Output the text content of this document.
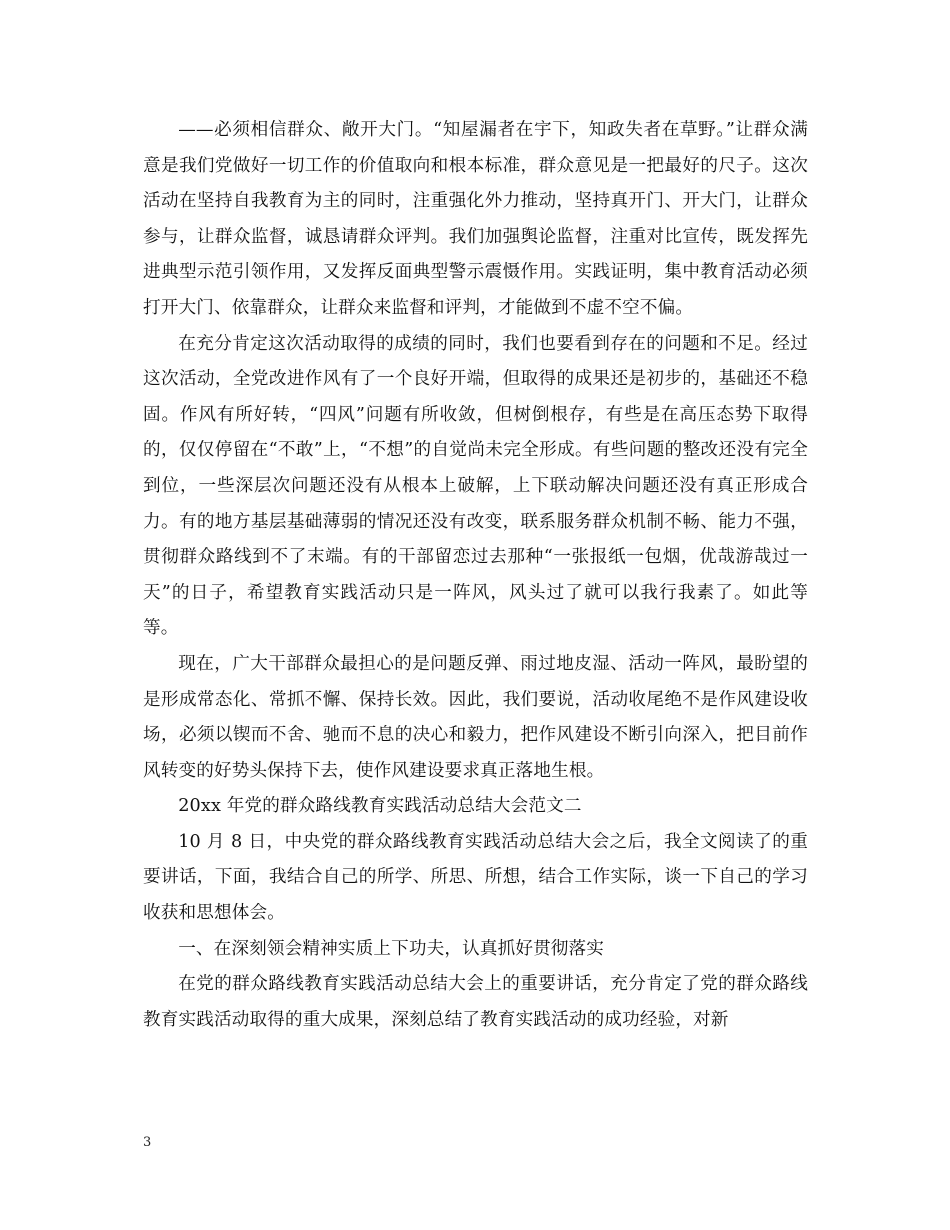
——必须相信群众、敞开大门。“知屋漏者在宇下，知政失者在草野。”让群众满意是我们党做好一切工作的价值取向和根本标准，群众意见是一把最好的尺子。这次活动在坚持自我教育为主的同时，注重强化外力推动，坚持真开门、开大门，让群众参与，让群众监督，诚恳请群众评判。我们加强舆论监督，注重对比宣传，既发挥先进典型示范引领作用，又发挥反面典型警示震慑作用。实践证明，集中教育活动必须打开大门、依靠群众，让群众来监督和评判，才能做到不虚不空不偏。

在充分肯定这次活动取得的成绩的同时，我们也要看到存在的问题和不足。经过这次活动，全党改进作风有了一个良好开端，但取得的成果还是初步的，基础还不稳固。作风有所好转，“四风”问题有所收敛，但树倒根存，有些是在高压态势下取得的，仅仅停留在“不敢”上，“不想”的自觉尚未完全形成。有些问题的整改还没有完全到位，一些深层次问题还没有从根本上破解，上下联动解决问题还没有真正形成合力。有的地方基层基础薄弱的情况还没有改变，联系服务群众机制不畅、能力不强，贯彻群众路线到不了末端。有的干部留恋过去那种“一张报纸一包烟，优哉游哉过一天”的日子，希望教育实践活动只是一阵风，风头过了就可以我行我素了。如此等等。

现在，广大干部群众最担心的是问题反弹、雨过地皮湿、活动一阵风，最盼望的是形成常态化、常抓不懈、保持长效。因此，我们要说，活动收尾绝不是作风建设收场，必须以锲而不舍、驰而不息的决心和毅力，把作风建设不断引向深入，把目前作风转变的好势头保持下去，使作风建设要求真正落地生根。

20xx 年党的群众路线教育实践活动总结大会范文二

10 月 8 日，中央党的群众路线教育实践活动总结大会之后，我全文阅读了的重要讲话，下面，我结合自己的所学、所思、所想，结合工作实际，谈一下自己的学习收获和思想体会。

一、在深刻领会精神实质上下功夫，认真抓好贯彻落实

在党的群众路线教育实践活动总结大会上的重要讲话，充分肯定了党的群众路线教育实践活动取得的重大成果，深刻总结了教育实践活动的成功经验，对新

3
